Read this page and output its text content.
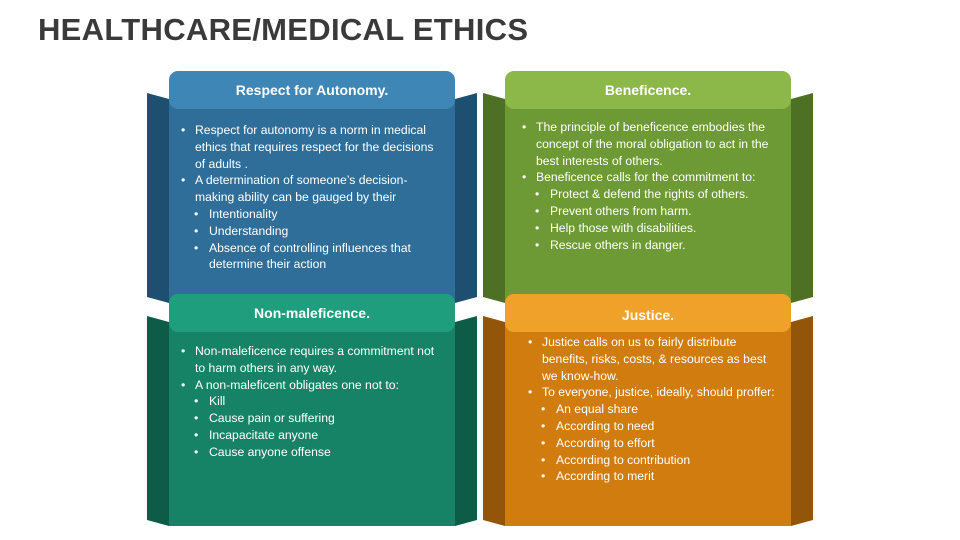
HEALTHCARE/MEDICAL ETHICS
Respect for Autonomy.
• Respect for autonomy is a norm in medical ethics that requires respect for the decisions of adults .
• A determination of someone’s decision-making ability can be gauged by their
• Intentionality
• Understanding
• Absence of controlling influences that determine their action
Beneficence.
• The principle of beneficence embodies the concept of the moral obligation to act in the best interests of others.
• Beneficence calls for the commitment to:
• Protect & defend the rights of others.
• Prevent others from harm.
• Help those with disabilities.
• Rescue others in danger.
Non-maleficence.
• Non-maleficence requires a commitment not to harm others in any way.
• A non-maleficent obligates one not to:
• Kill
• Cause pain or suffering
• Incapacitate anyone
• Cause anyone offense
Justice.
• Justice calls on us to fairly distribute benefits, risks, costs, & resources as best we know-how.
• To everyone, justice, ideally, should proffer:
• An equal share
• According to need
• According to effort
• According to contribution
• According to merit
